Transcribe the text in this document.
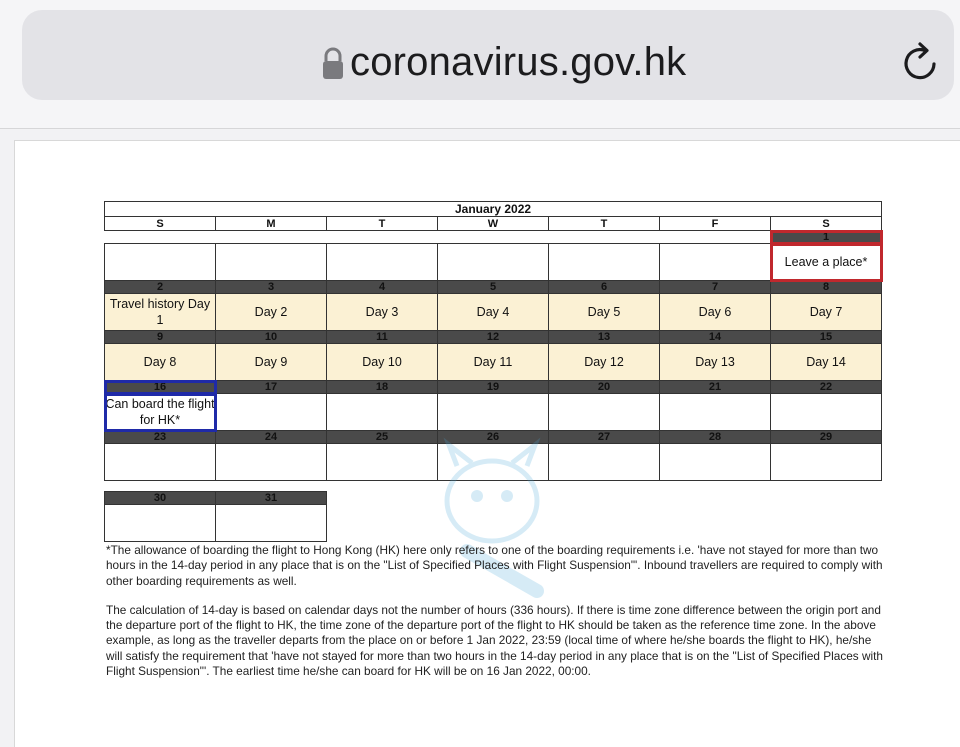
coronavirus.gov.hk
January 2022						
S	M	T	W	T	F	S
						1
						Leave a place*
2	3	4	5	6	7	8
Travel history Day 1	Day 2	Day 3	Day 4	Day 5	Day 6	Day 7
9	10	11	12	13	14	15
Day 8	Day 9	Day 10	Day 11	Day 12	Day 13	Day 14
16	17	18	19	20	21	22
Can board the flight for HK*						
23	24	25	26	27	28	29

30	31					

*The allowance of boarding the flight to Hong Kong (HK) here only refers to one of the boarding requirements i.e. 'have not stayed for more than two hours in the 14-day period in any place that is on the "List of Specified Places with Flight Suspension"'. Inbound travellers are required to comply with other boarding requirements as well.

The calculation of 14-day is based on calendar days not the number of hours (336 hours). If there is time zone difference between the origin port and the departure port of the flight to HK, the time zone of the departure port of the flight to HK should be taken as the reference time zone. In the above example, as long as the traveller departs from the place on or before 1 Jan 2022, 23:59 (local time of where he/she boards the flight to HK), he/she will satisfy the requirement that 'have not stayed for more than two hours in the 14-day period in any place that is on the "List of Specified Places with Flight Suspension"'. The earliest time he/she can board for HK will be on 16 Jan 2022, 00:00.
